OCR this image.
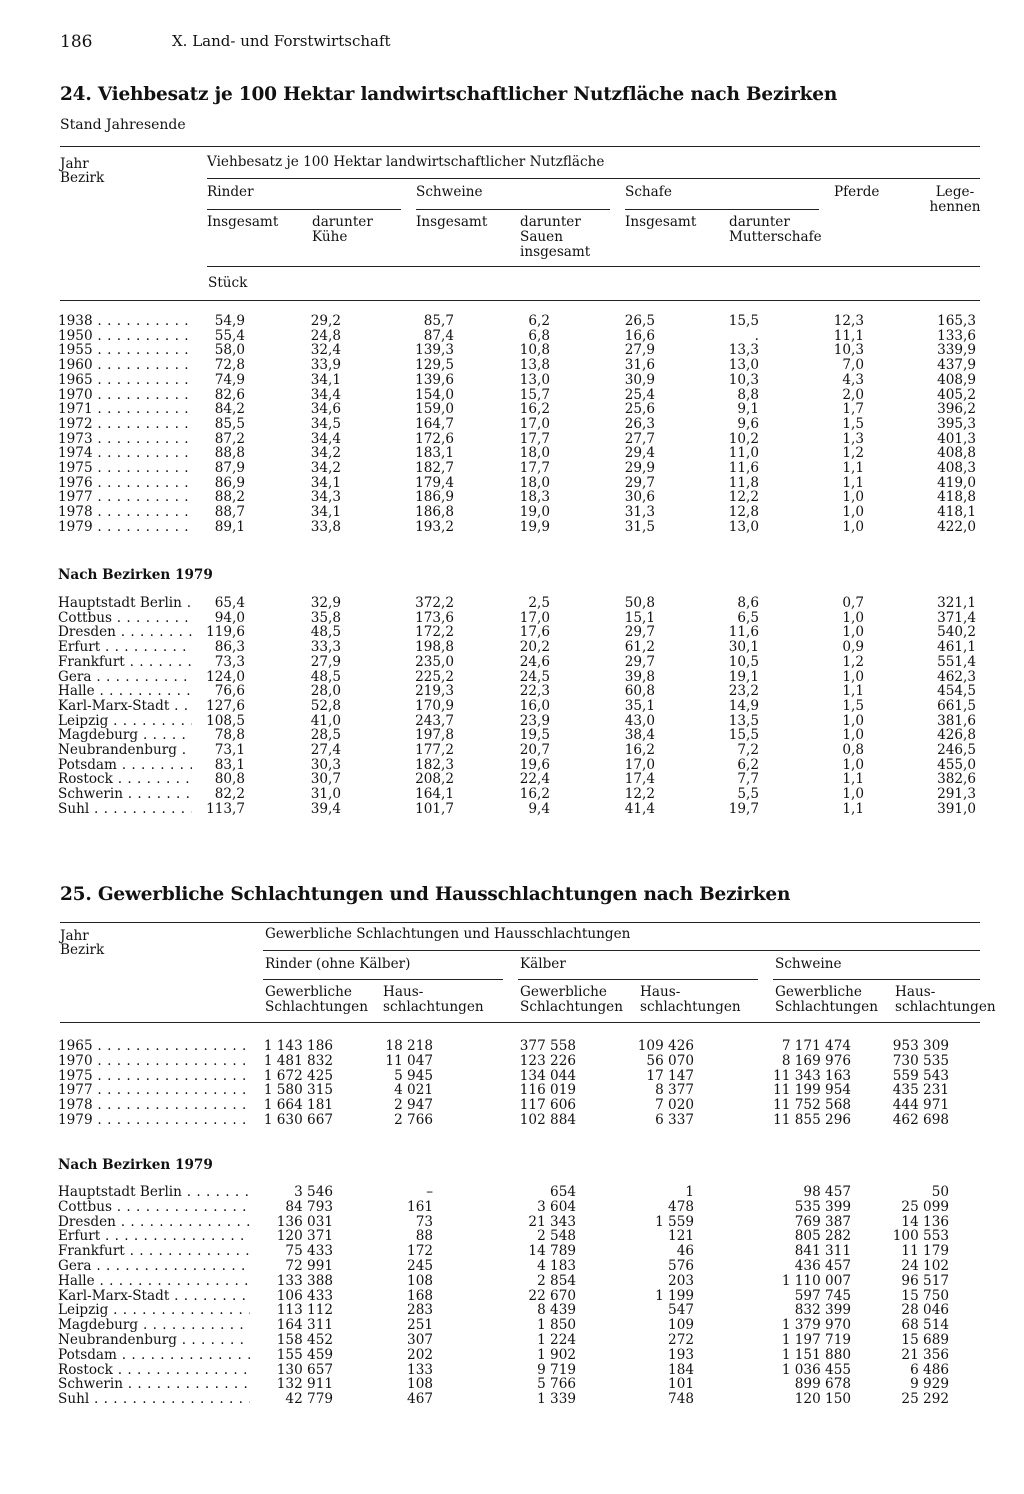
186	X. Land- und Forstwirtschaft
24. Viehbesatz je 100 Hektar landwirtschaftlicher Nutzfläche nach Bezirken
Stand Jahresende
Jahr
Bezirk
Viehbesatz je 100 Hektar landwirtschaftlicher Nutzfläche
Rinder	Schweine	Schafe	Pferde	Lege-
hennen
Insgesamt darunter
Kühe
Insgesamt darunter
Sauen
insgesamt
Insgesamt darunter
Mutterschafe
Stück
1938 . . .	54,9	29,2	85,7	6,2	26,5	15,5	12,3	165,3
1950 . . .	55,4	24,8	87,4	6,8	16,6	.	11,1	133,6
1955 . . .	58,0	32,4	139,3	10,8	27,9	13,3	10,3	339,9
1960 . . .	72,8	33,9	129,5	13,8	31,6	13,0	7,0	437,9
1965 . . .	74,9	34,1	139,6	13,0	30,9	10,3	4,3	408,9
1970 . . .	82,6	34,4	154,0	15,7	25,4	8,8	2,0	405,2
1971 . . .	84,2	34,6	159,0	16,2	25,6	9,1	1,7	396,2
1972 . . .	85,5	34,5	164,7	17,0	26,3	9,6	1,5	395,3
1973 . . .	87,2	34,4	172,6	17,7	27,7	10,2	1,3	401,3
1974 . . .	88,8	34,2	183,1	18,0	29,4	11,0	1,2	408,8
1975 . . .	87,9	34,2	182,7	17,7	29,9	11,6	1,1	408,3
1976 . . .	86,9	34,1	179,4	18,0	29,7	11,8	1,1	419,0
1977 . . .	88,2	34,3	186,9	18,3	30,6	12,2	1,0	418,8
1978 . . .	88,7	34,1	186,8	19,0	31,3	12,8	1,0	418,1
1979 . . .	89,1	33,8	193,2	19,9	31,5	13,0	1,0	422,0
Nach Bezirken 1979
Hauptstadt Berlin . . .	65,4	32,9	372,2	2,5	50,8	8,6	0,7	321,1
Cottbus . . .	94,0	35,8	173,6	17,0	15,1	6,5	1,0	371,4
Dresden . . .	119,6	48,5	172,2	17,6	29,7	11,6	1,0	540,2
Erfurt . . .	86,3	33,3	198,8	20,2	61,2	30,1	0,9	461,1
Frankfurt . . .	73,3	27,9	235,0	24,6	29,7	10,5	1,2	551,4
Gera . . .	124,0	48,5	225,2	24,5	39,8	19,1	1,0	462,3
Halle . . .	76,6	28,0	219,3	22,3	60,8	23,2	1,1	454,5
Karl-Marx-Stadt . . .	127,6	52,8	170,9	16,0	35,1	14,9	1,5	661,5
Leipzig . . .	108,5	41,0	243,7	23,9	43,0	13,5	1,0	381,6
Magdeburg . . .	78,8	28,5	197,8	19,5	38,4	15,5	1,0	426,8
Neubrandenburg . . .	73,1	27,4	177,2	20,7	16,2	7,2	0,8	246,5
Potsdam . . .	83,1	30,3	182,3	19,6	17,0	6,2	1,0	455,0
Rostock . . .	80,8	30,7	208,2	22,4	17,4	7,7	1,1	382,6
Schwerin . . .	82,2	31,0	164,1	16,2	12,2	5,5	1,0	291,3
Suhl . . .	113,7	39,4	101,7	9,4	41,4	19,7	1,1	391,0
25. Gewerbliche Schlachtungen und Hausschlachtungen nach Bezirken
Jahr
Bezirk
Gewerbliche Schlachtungen und Hausschlachtungen
Rinder (ohne Kälber)	Kälber	Schweine
Gewerbliche
Schlachtungen
Haus-
schlachtungen
Gewerbliche
Schlachtungen
Haus-
schlachtungen
Gewerbliche
Schlachtungen
Haus-
schlachtungen
1965 . . .	1 143 186	18 218	377 558	109 426	7 171 474	953 309
1970 . . .	1 481 832	11 047	123 226	56 070	8 169 976	730 535
1975 . . .	1 672 425	5 945	134 044	17 147	11 343 163	559 543
1977 . . .	1 580 315	4 021	116 019	8 377	11 199 954	435 231
1978 . . .	1 664 181	2 947	117 606	7 020	11 752 568	444 971
1979 . . .	1 630 667	2 766	102 884	6 337	11 855 296	462 698
Nach Bezirken 1979
Hauptstadt Berlin . . .	3 546	–	654	1	98 457	50
Cottbus . . .	84 793	161	3 604	478	535 399	25 099
Dresden . . .	136 031	73	21 343	1 559	769 387	14 136
Erfurt . . .	120 371	88	2 548	121	805 282	100 553
Frankfurt . . .	75 433	172	14 789	46	841 311	11 179
Gera . . .	72 991	245	4 183	576	436 457	24 102
Halle . . .	133 388	108	2 854	203	1 110 007	96 517
Karl-Marx-Stadt . . .	106 433	168	22 670	1 199	597 745	15 750
Leipzig . . .	113 112	283	8 439	547	832 399	28 046
Magdeburg . . .	164 311	251	1 850	109	1 379 970	68 514
Neubrandenburg . . .	158 452	307	1 224	272	1 197 719	15 689
Potsdam . . .	155 459	202	1 902	193	1 151 880	21 356
Rostock . . .	130 657	133	9 719	184	1 036 455	6 486
Schwerin . . .	132 911	108	5 766	101	899 678	9 929
Suhl . . .	42 779	467	1 339	748	120 150	25 292
